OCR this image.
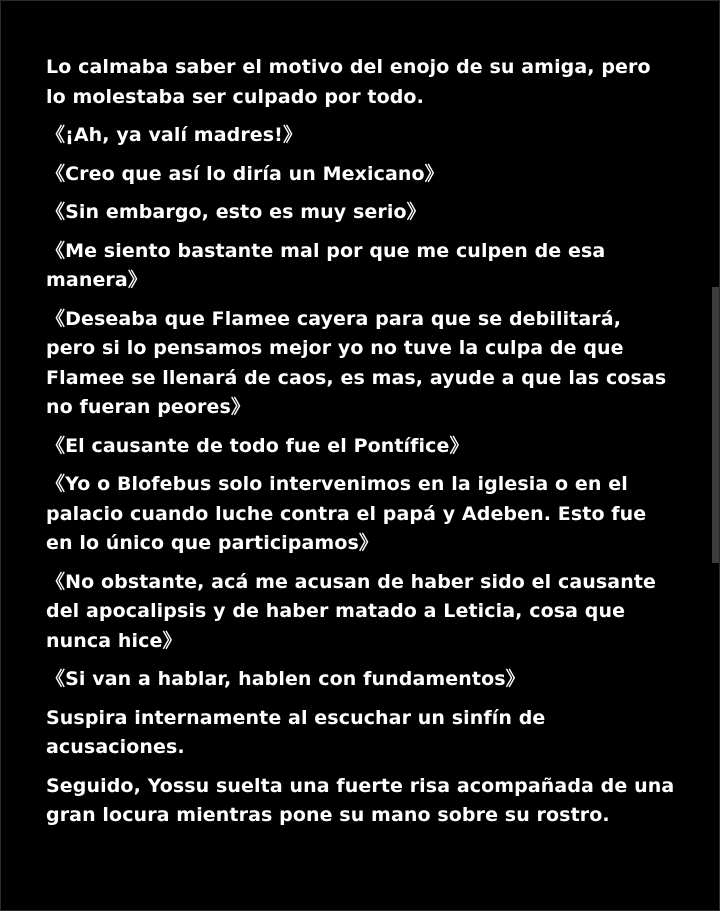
Lo calmaba saber el motivo del enojo de su amiga, pero lo molestaba ser culpado por todo.

《¡Ah, ya valí madres!》

《Creo que así lo diría un Mexicano》

《Sin embargo, esto es muy serio》

《Me siento bastante mal por que me culpen de esa manera》

《Deseaba que Flamee cayera para que se debilitará, pero si lo pensamos mejor yo no tuve la culpa de que Flamee se llenará de caos, es mas, ayude a que las cosas no fueran peores》

《El causante de todo fue el Pontífice》

《Yo o Blofebus solo intervenimos en la iglesia o en el palacio cuando luche contra el papá y Adeben. Esto fue en lo único que participamos》

《No obstante, acá me acusan de haber sido el causante del apocalipsis y de haber matado a Leticia, cosa que nunca hice》

《Si van a hablar, hablen con fundamentos》

Suspira internamente al escuchar un sinfín de acusaciones.

Seguido, Yossu suelta una fuerte risa acompañada de una gran locura mientras pone su mano sobre su rostro.
